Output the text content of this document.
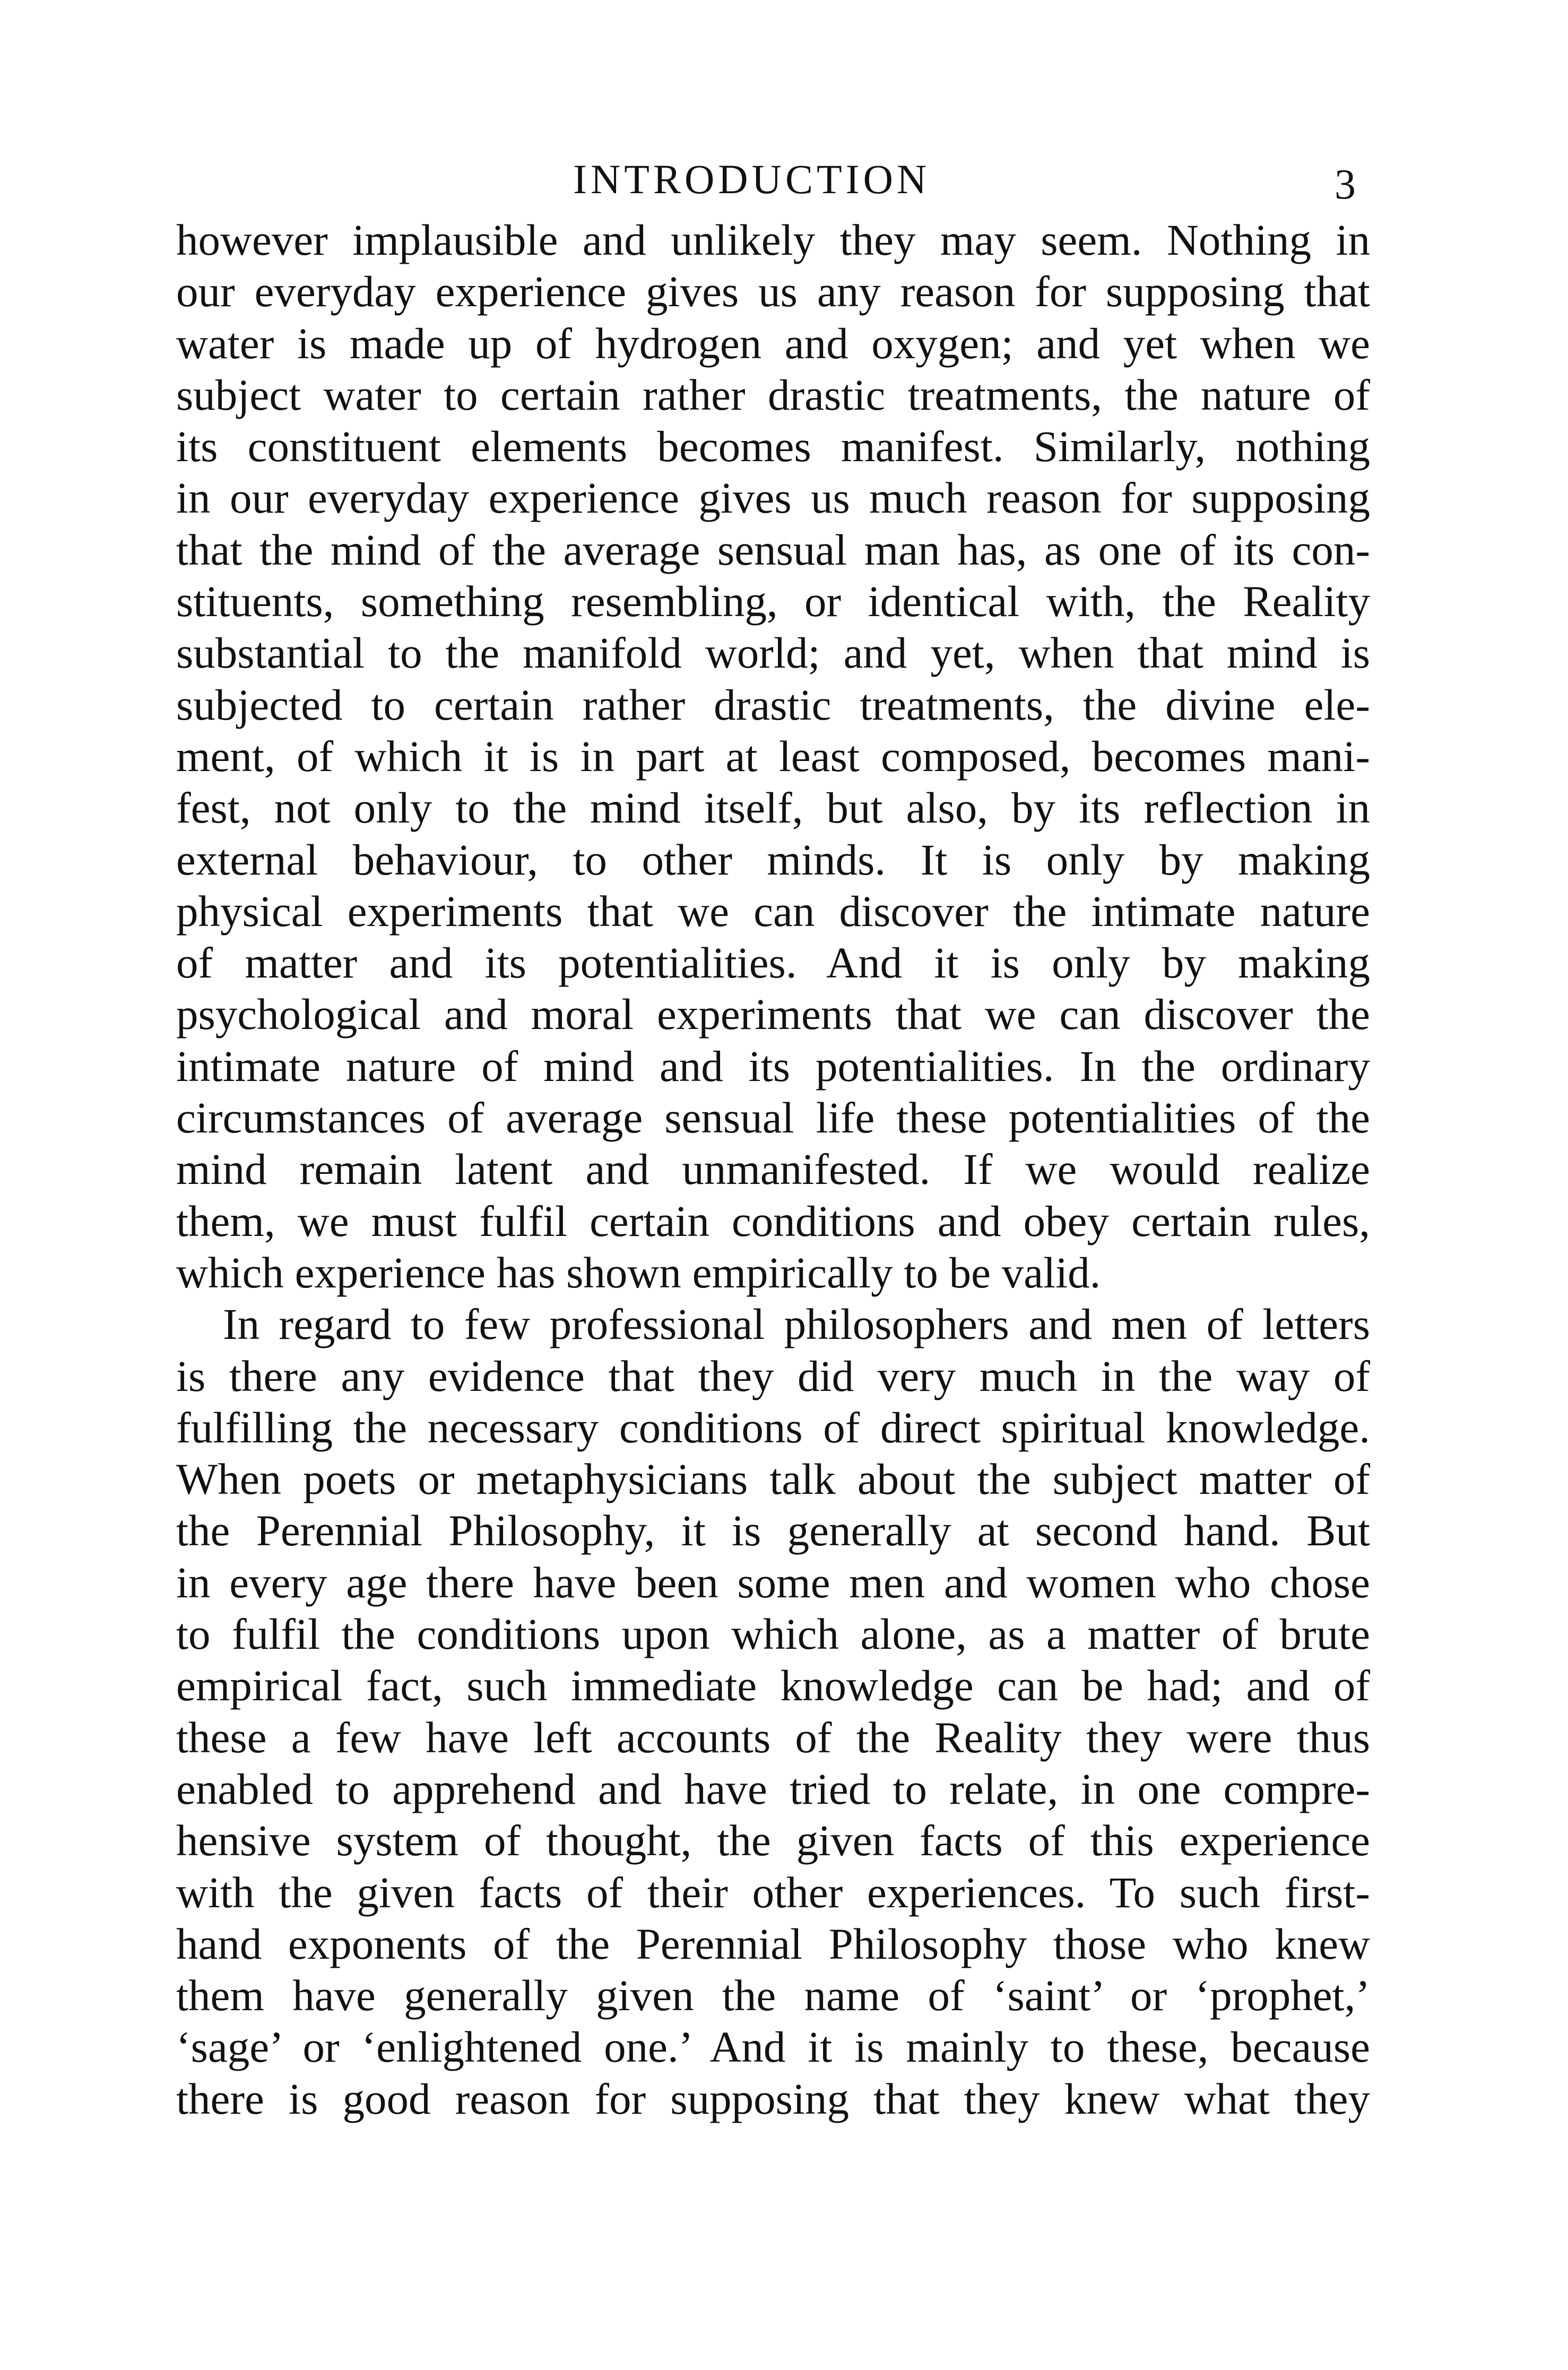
INTRODUCTION	3
however implausible and unlikely they may seem. Nothing in
our everyday experience gives us any reason for supposing that
water is made up of hydrogen and oxygen; and yet when we
subject water to certain rather drastic treatments, the nature of
its constituent elements becomes manifest. Similarly, nothing
in our everyday experience gives us much reason for supposing
that the mind of the average sensual man has, as one of its con-
stituents, something resembling, or identical with, the Reality
substantial to the manifold world; and yet, when that mind is
subjected to certain rather drastic treatments, the divine ele-
ment, of which it is in part at least composed, becomes mani-
fest, not only to the mind itself, but also, by its reflection in
external behaviour, to other minds. It is only by making
physical experiments that we can discover the intimate nature
of matter and its potentialities. And it is only by making
psychological and moral experiments that we can discover the
intimate nature of mind and its potentialities. In the ordinary
circumstances of average sensual life these potentialities of the
mind remain latent and unmanifested. If we would realize
them, we must fulfil certain conditions and obey certain rules,
which experience has shown empirically to be valid.
In regard to few professional philosophers and men of letters
is there any evidence that they did very much in the way of
fulfilling the necessary conditions of direct spiritual knowledge.
When poets or metaphysicians talk about the subject matter of
the Perennial Philosophy, it is generally at second hand. But
in every age there have been some men and women who chose
to fulfil the conditions upon which alone, as a matter of brute
empirical fact, such immediate knowledge can be had; and of
these a few have left accounts of the Reality they were thus
enabled to apprehend and have tried to relate, in one compre-
hensive system of thought, the given facts of this experience
with the given facts of their other experiences. To such first-
hand exponents of the Perennial Philosophy those who knew
them have generally given the name of ‘saint’ or ‘prophet,’
‘sage’ or ‘enlightened one.’ And it is mainly to these, because
there is good reason for supposing that they knew what they
